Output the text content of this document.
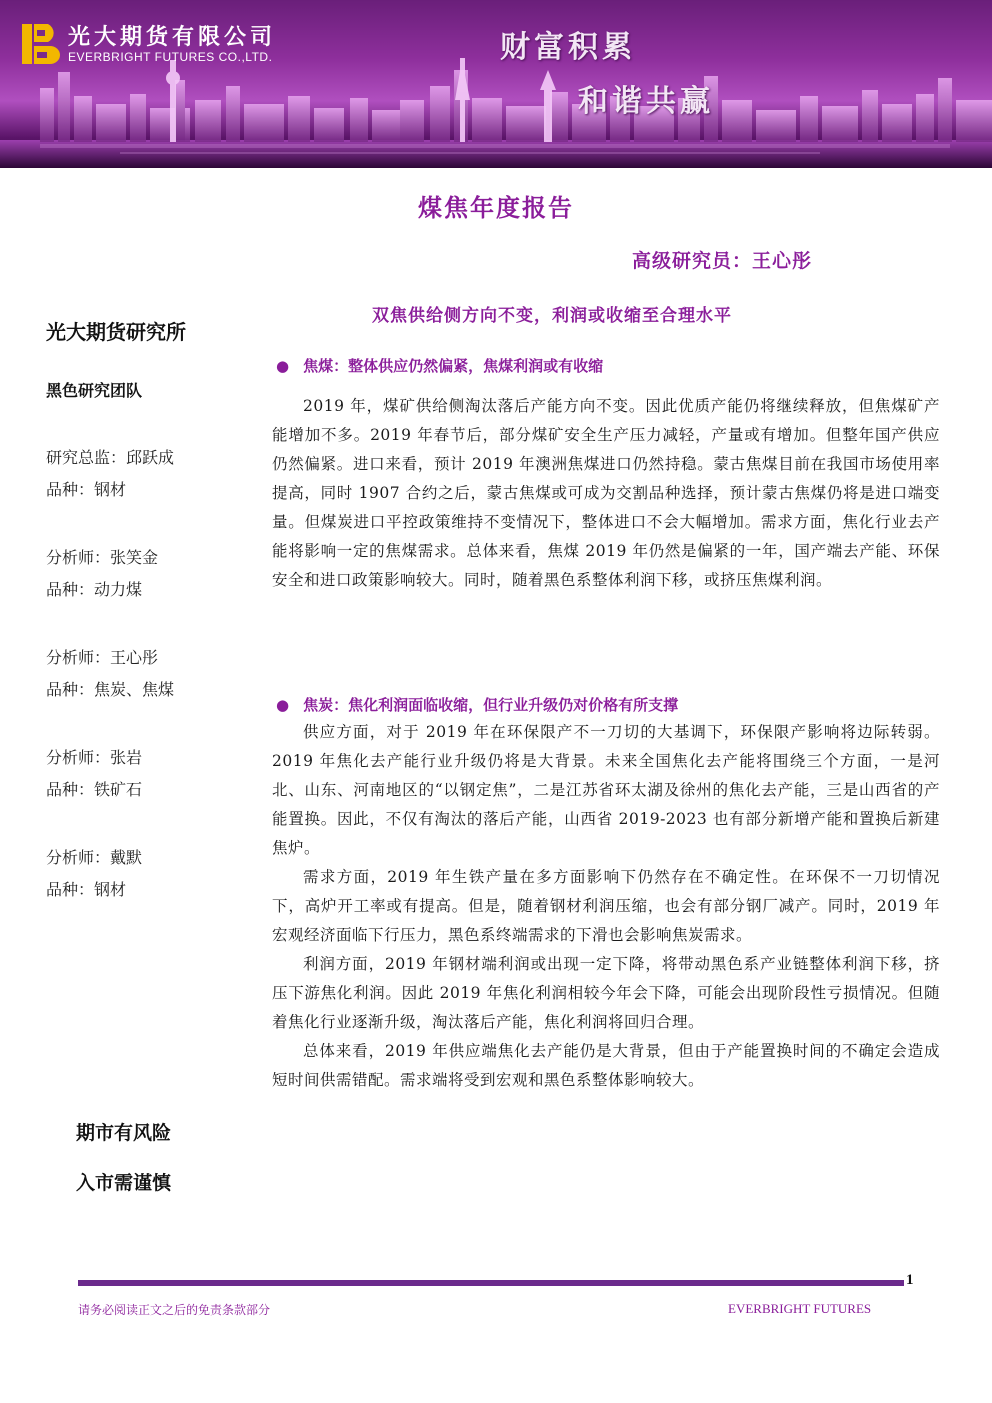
光大期货有限公司
EVERBRIGHT FUTURES CO.,LTD.	财富积累
和谐共赢
煤焦年度报告
高级研究员：王心彤
双焦供给侧方向不变，利润或收缩至合理水平
光大期货研究所
黑色研究团队
研究总监：邱跃成
品种：钢材
分析师：张笑金
品种：动力煤
分析师：王心彤
品种：焦炭、焦煤
分析师：张岩
品种：铁矿石
分析师：戴默
品种：钢材
期市有风险
入市需谨慎
● 焦煤：整体供应仍然偏紧，焦煤利润或有收缩

2019 年，煤矿供给侧淘汰落后产能方向不变。因此优质产能仍将继续释放，但焦煤矿产能增加不多。2019 年春节后，部分煤矿安全生产压力减轻，产量或有增加。但整年国产供应仍然偏紧。进口来看，预计 2019 年澳洲焦煤进口仍然持稳。蒙古焦煤目前在我国市场使用率提高，同时 1907 合约之后，蒙古焦煤或可成为交割品种选择，预计蒙古焦煤仍将是进口端变量。但煤炭进口平控政策维持不变情况下，整体进口不会大幅增加。需求方面，焦化行业去产能将影响一定的焦煤需求。总体来看，焦煤 2019 年仍然是偏紧的一年，国产端去产能、环保安全和进口政策影响较大。同时，随着黑色系整体利润下移，或挤压焦煤利润。

● 焦炭：焦化利润面临收缩，但行业升级仍对价格有所支撑

供应方面，对于 2019 年在环保限产不一刀切的大基调下，环保限产影响将边际转弱。2019 年焦化去产能行业升级仍将是大背景。未来全国焦化去产能将围绕三个方面，一是河北、山东、河南地区的“以钢定焦”，二是江苏省环太湖及徐州的焦化去产能，三是山西省的产能置换。因此，不仅有淘汰的落后产能，山西省 2019-2023 也有部分新增产能和置换后新建焦炉。

需求方面，2019 年生铁产量在多方面影响下仍然存在不确定性。在环保不一刀切情况下，高炉开工率或有提高。但是，随着钢材利润压缩，也会有部分钢厂减产。同时，2019 年宏观经济面临下行压力，黑色系终端需求的下滑也会影响焦炭需求。

利润方面，2019 年钢材端利润或出现一定下降，将带动黑色系产业链整体利润下移，挤压下游焦化利润。因此 2019 年焦化利润相较今年会下降，可能会出现阶段性亏损情况。但随着焦化行业逐渐升级，淘汰落后产能，焦化利润将回归合理。

总体来看，2019 年供应端焦化去产能仍是大背景，但由于产能置换时间的不确定会造成短时间供需错配。需求端将受到宏观和黑色系整体影响较大。

1
请务必阅读正文之后的免责条款部分	EVERBRIGHT FUTURES
